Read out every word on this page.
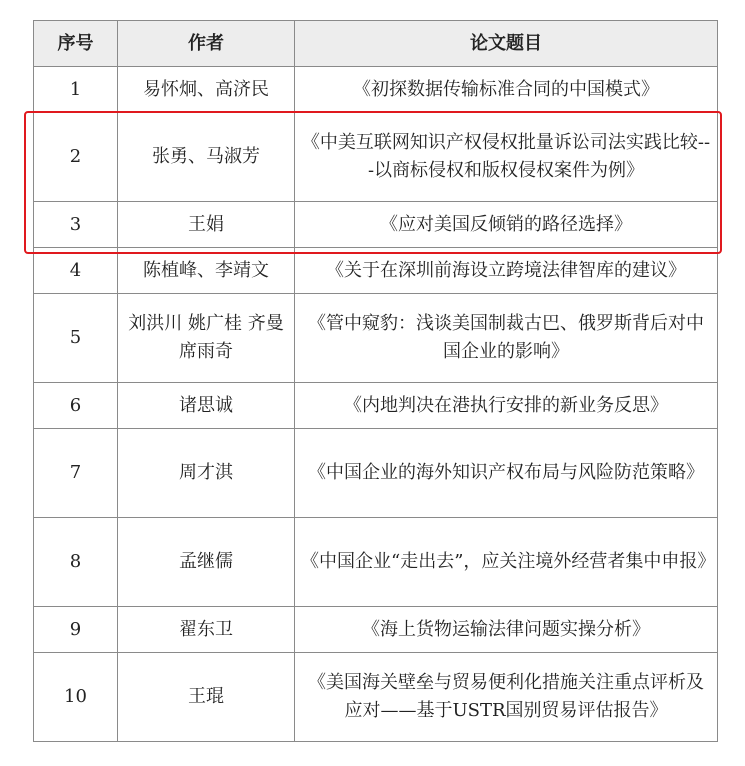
序号	作者	论文题目
1	易怀炯、高济民	《初探数据传输标准合同的中国模式》
2	张勇、马淑芳	《中美互联网知识产权侵权批量诉讼司法实践比较---以商标侵权和版权侵权案件为例》
3	王娟	《应对美国反倾销的路径选择》
4	陈植峰、李靖文	《关于在深圳前海设立跨境法律智库的建议》
5	刘洪川 姚广桂 齐曼 席雨奇	《管中窥豹：浅谈美国制裁古巴、俄罗斯背后对中国企业的影响》
6	诸思诚	《内地判决在港执行安排的新业务反思》
7	周才淇	《中国企业的海外知识产权布局与风险防范策略》
8	孟继儒	《中国企业“走出去”，应关注境外经营者集中申报》
9	翟东卫	《海上货物运输法律问题实操分析》
10	王琨	《美国海关壁垒与贸易便利化措施关注重点评析及应对——基于USTR国别贸易评估报告》
